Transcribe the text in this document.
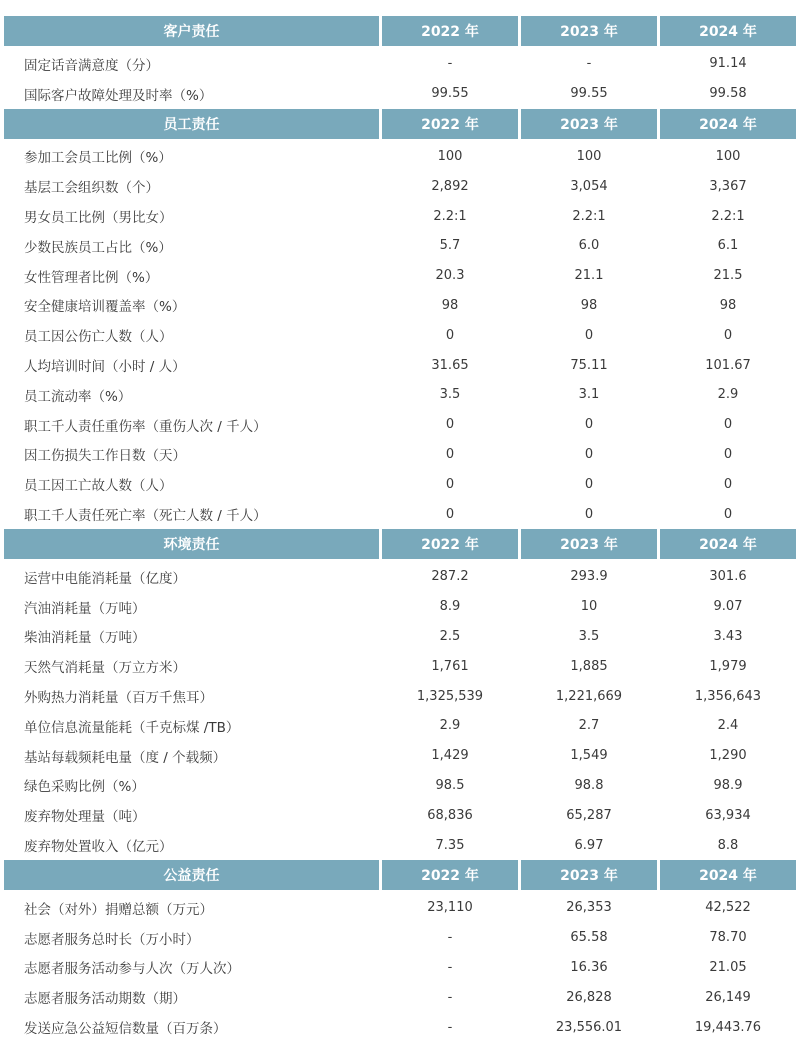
客户责任	2022 年	2023 年	2024 年
固定话音满意度（分）	-	-	91.14
国际客户故障处理及时率（%）	99.55	99.55	99.58
员工责任	2022 年	2023 年	2024 年
参加工会员工比例（%）	100	100	100
基层工会组织数（个）	2,892	3,054	3,367
男女员工比例（男比女）	2.2:1	2.2:1	2.2:1
少数民族员工占比（%）	5.7	6.0	6.1
女性管理者比例（%）	20.3	21.1	21.5
安全健康培训覆盖率（%）	98	98	98
员工因公伤亡人数（人）	0	0	0
人均培训时间（小时 / 人）	31.65	75.11	101.67
员工流动率（%）	3.5	3.1	2.9
职工千人责任重伤率（重伤人次 / 千人）	0	0	0
因工伤损失工作日数（天）	0	0	0
员工因工亡故人数（人）	0	0	0
职工千人责任死亡率（死亡人数 / 千人）	0	0	0
环境责任	2022 年	2023 年	2024 年
运营中电能消耗量（亿度）	287.2	293.9	301.6
汽油消耗量（万吨）	8.9	10	9.07
柴油消耗量（万吨）	2.5	3.5	3.43
天然气消耗量（万立方米）	1,761	1,885	1,979
外购热力消耗量（百万千焦耳）	1,325,539	1,221,669	1,356,643
单位信息流量能耗（千克标煤 /TB）	2.9	2.7	2.4
基站每载频耗电量（度 / 个载频）	1,429	1,549	1,290
绿色采购比例（%）	98.5	98.8	98.9
废弃物处理量（吨）	68,836	65,287	63,934
废弃物处置收入（亿元）	7.35	6.97	8.8
公益责任	2022 年	2023 年	2024 年
社会（对外）捐赠总额（万元）	23,110	26,353	42,522
志愿者服务总时长（万小时）	-	65.58	78.70
志愿者服务活动参与人次（万人次）	-	16.36	21.05
志愿者服务活动期数（期）	-	26,828	26,149
发送应急公益短信数量（百万条）	-	23,556.01	19,443.76
